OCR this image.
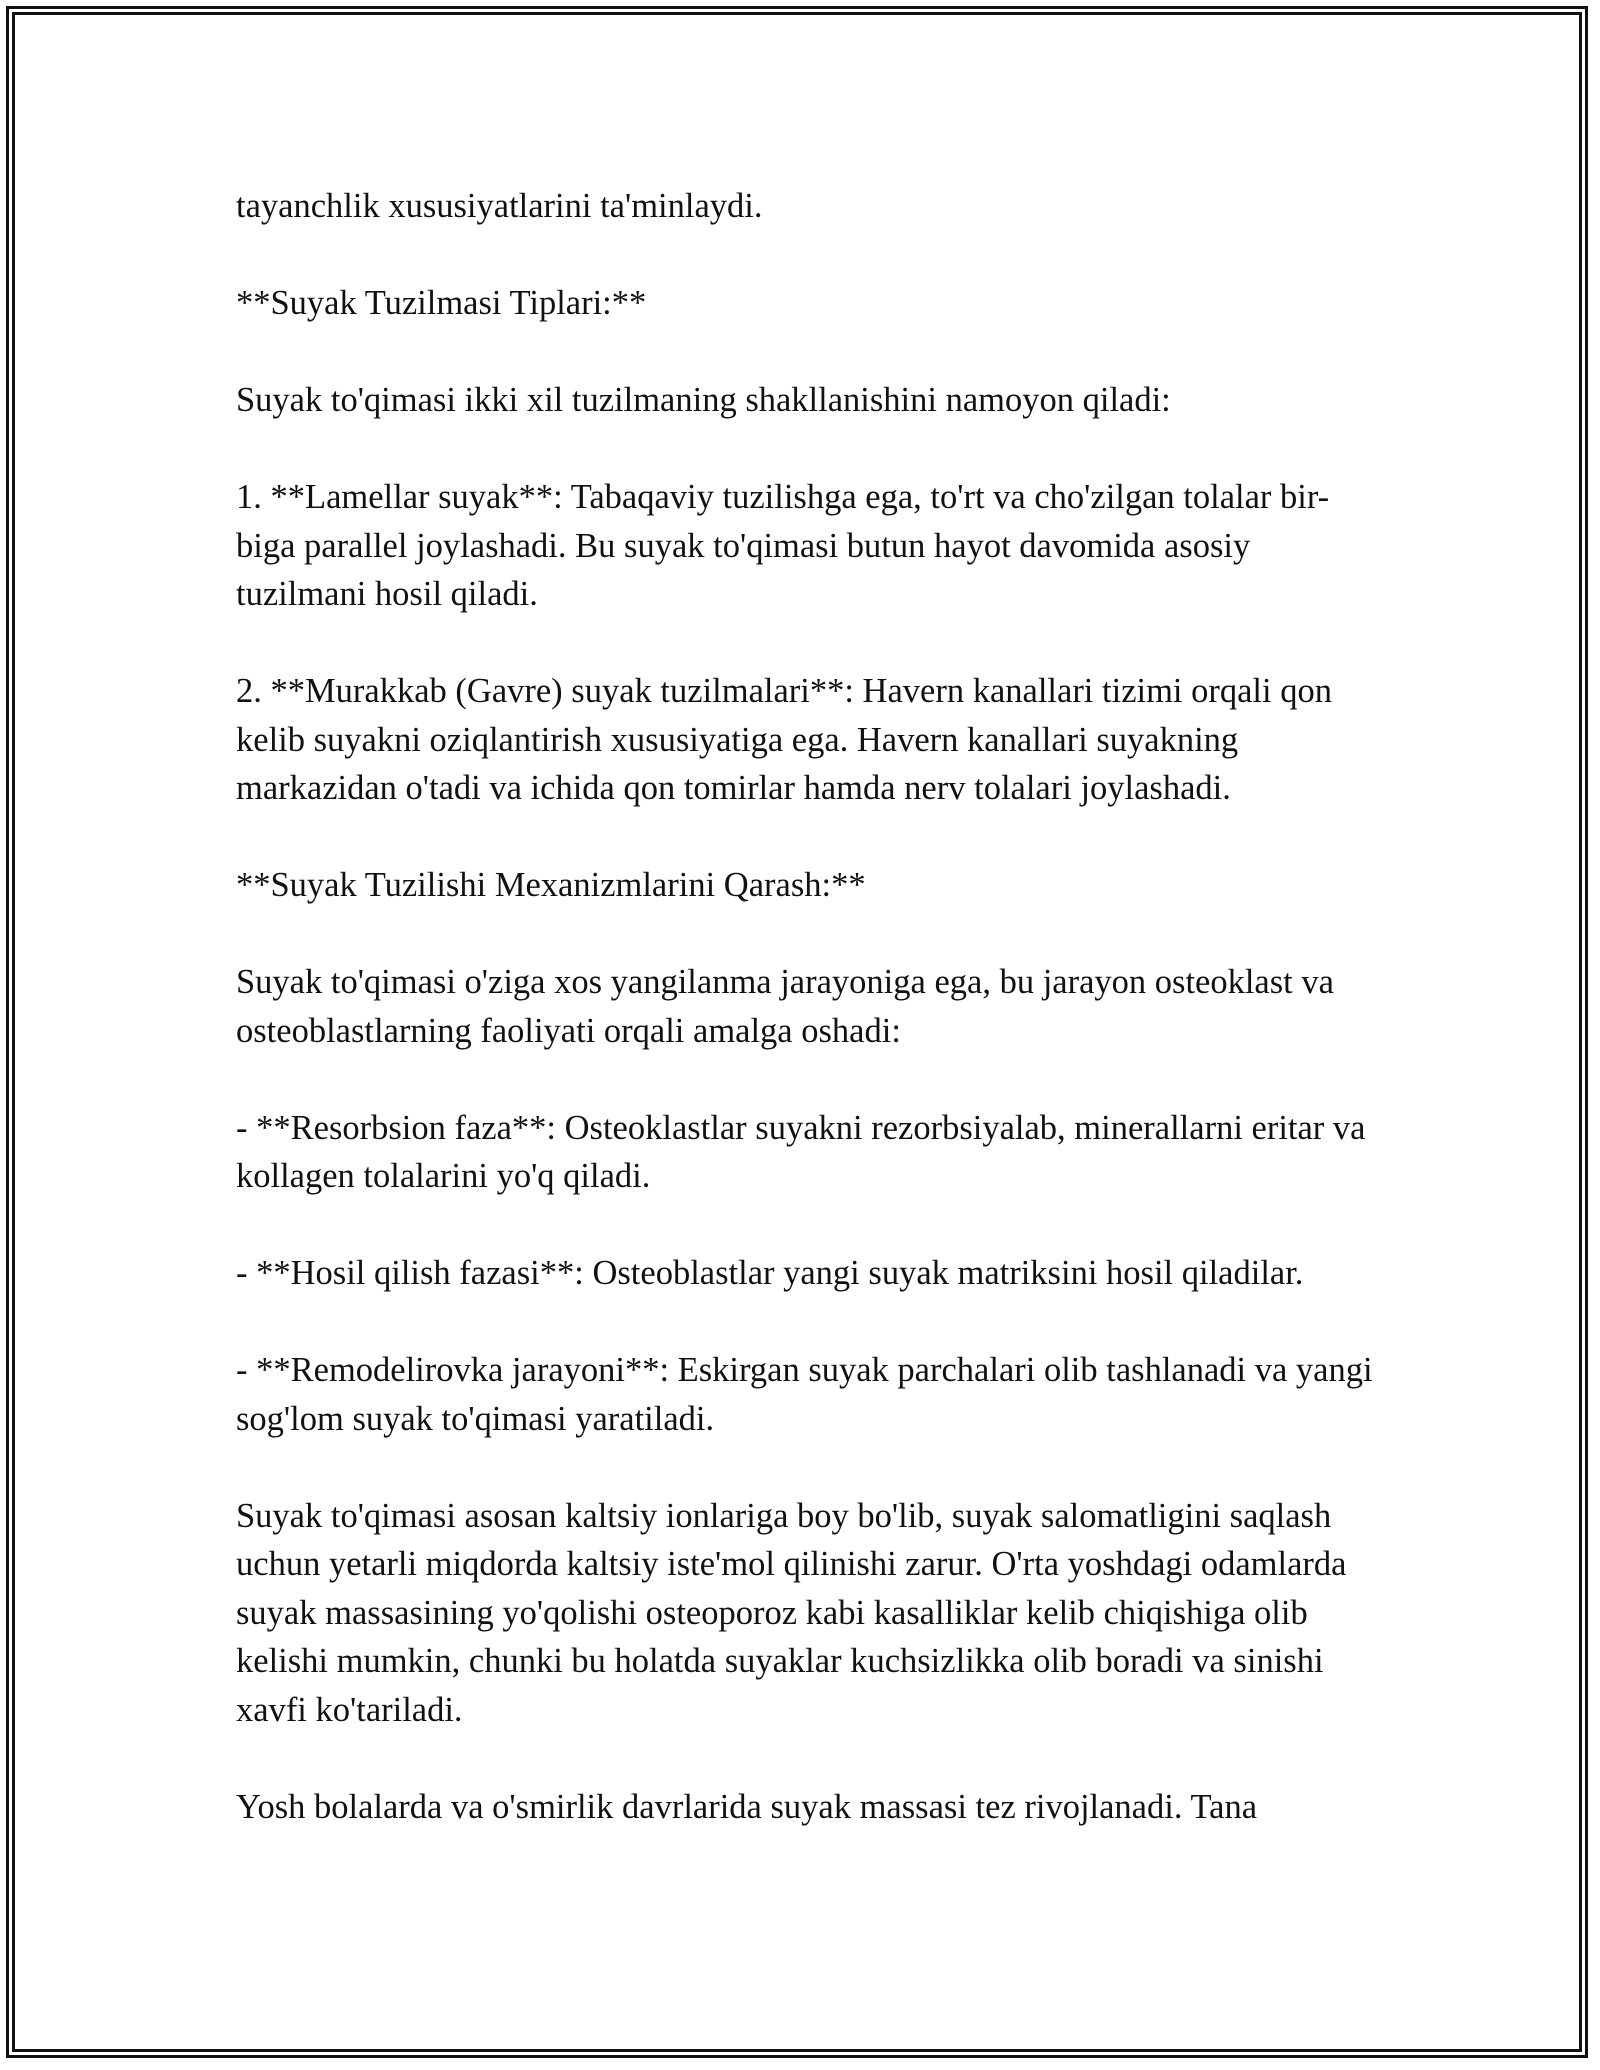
tayanchlik xususiyatlarini ta'minlaydi.

**Suyak Tuzilmasi Tiplari:**

Suyak to'qimasi ikki xil tuzilmaning shakllanishini namoyon qiladi:

1. **Lamellar suyak**: Tabaqaviy tuzilishga ega, to'rt va cho'zilgan tolalar bir-biga parallel joylashadi. Bu suyak to'qimasi butun hayot davomida asosiy tuzilmani hosil qiladi.

2. **Murakkab (Gavre) suyak tuzilmalari**: Havern kanallari tizimi orqali qon kelib suyakni oziqlantirish xususiyatiga ega. Havern kanallari suyakning markazidan o'tadi va ichida qon tomirlar hamda nerv tolalari joylashadi.

**Suyak Tuzilishi Mexanizmlarini Qarash:**

Suyak to'qimasi o'ziga xos yangilanma jarayoniga ega, bu jarayon osteoklast va osteoblastlarning faoliyati orqali amalga oshadi:

- **Resorbsion faza**: Osteoklastlar suyakni rezorbsiyalab, minerallarni eritar va kollagen tolalarini yo'q qiladi.

- **Hosil qilish fazasi**: Osteoblastlar yangi suyak matriksini hosil qiladilar.

- **Remodelirovka jarayoni**: Eskirgan suyak parchalari olib tashlanadi va yangi sog'lom suyak to'qimasi yaratiladi.

Suyak to'qimasi asosan kaltsiy ionlariga boy bo'lib, suyak salomatligini saqlash uchun yetarli miqdorda kaltsiy iste'mol qilinishi zarur. O'rta yoshdagi odamlarda suyak massasining yo'qolishi osteoporoz kabi kasalliklar kelib chiqishiga olib kelishi mumkin, chunki bu holatda suyaklar kuchsizlikka olib boradi va sinishi xavfi ko'tariladi.

Yosh bolalarda va o'smirlik davrlarida suyak massasi tez rivojlanadi. Tana
